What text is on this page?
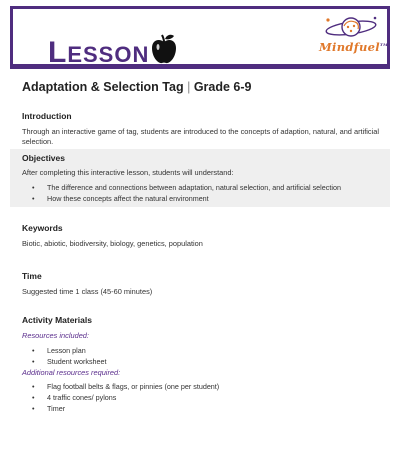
LESSON	Mindfuel™
Adaptation & Selection Tag | Grade 6-9
Introduction
Through an interactive game of tag, students are introduced to the concepts of adaption, natural, and artificial
selection.
Objectives
After completing this interactive lesson, students will understand:
• The difference and connections between adaptation, natural selection, and artificial selection
• How these concepts affect the natural environment
Keywords
Biotic, abiotic, biodiversity, biology, genetics, population
Time
Suggested time 1 class (45-60 minutes)
Activity Materials
Resources included:
• Lesson plan
• Student worksheet
Additional resources required:
• Flag football belts & flags, or pinnies (one per student)
• 4 traffic cones/ pylons
• Timer
